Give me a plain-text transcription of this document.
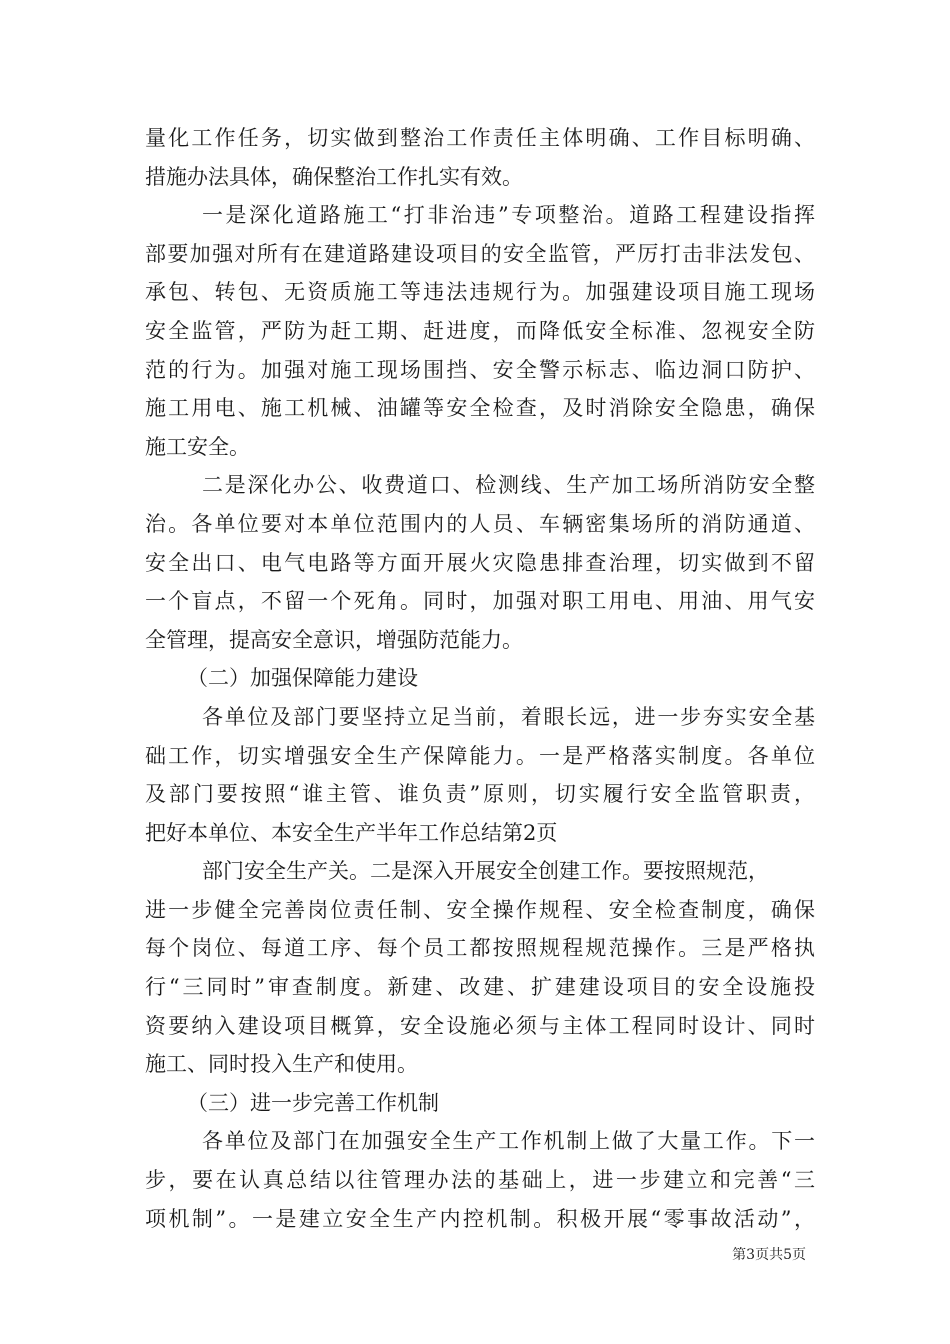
量化工作任务，切实做到整治工作责任主体明确、工作目标明确、
措施办法具体，确保整治工作扎实有效。
一是深化道路施工“打非治违”专项整治。道路工程建设指挥
部要加强对所有在建道路建设项目的安全监管，严厉打击非法发包、
承包、转包、无资质施工等违法违规行为。加强建设项目施工现场
安全监管，严防为赶工期、赶进度，而降低安全标准、忽视安全防
范的行为。加强对施工现场围挡、安全警示标志、临边洞口防护、
施工用电、施工机械、油罐等安全检查，及时消除安全隐患，确保
施工安全。
二是深化办公、收费道口、检测线、生产加工场所消防安全整
治。各单位要对本单位范围内的人员、车辆密集场所的消防通道、
安全出口、电气电路等方面开展火灾隐患排查治理，切实做到不留
一个盲点，不留一个死角。同时，加强对职工用电、用油、用气安
全管理，提高安全意识，增强防范能力。
（二）加强保障能力建设
各单位及部门要坚持立足当前，着眼长远，进一步夯实安全基
础工作，切实增强安全生产保障能力。一是严格落实制度。各单位
及部门要按照“谁主管、谁负责”原则，切实履行安全监管职责，
把好本单位、本安全生产半年工作总结第2页
部门安全生产关。二是深入开展安全创建工作。要按照规范，
进一步健全完善岗位责任制、安全操作规程、安全检查制度，确保
每个岗位、每道工序、每个员工都按照规程规范操作。三是严格执
行“三同时”审查制度。新建、改建、扩建建设项目的安全设施投
资要纳入建设项目概算，安全设施必须与主体工程同时设计、同时
施工、同时投入生产和使用。
（三）进一步完善工作机制
各单位及部门在加强安全生产工作机制上做了大量工作。下一
步，要在认真总结以往管理办法的基础上，进一步建立和完善“三
项机制”。一是建立安全生产内控机制。积极开展“零事故活动”，
第3页共5页
